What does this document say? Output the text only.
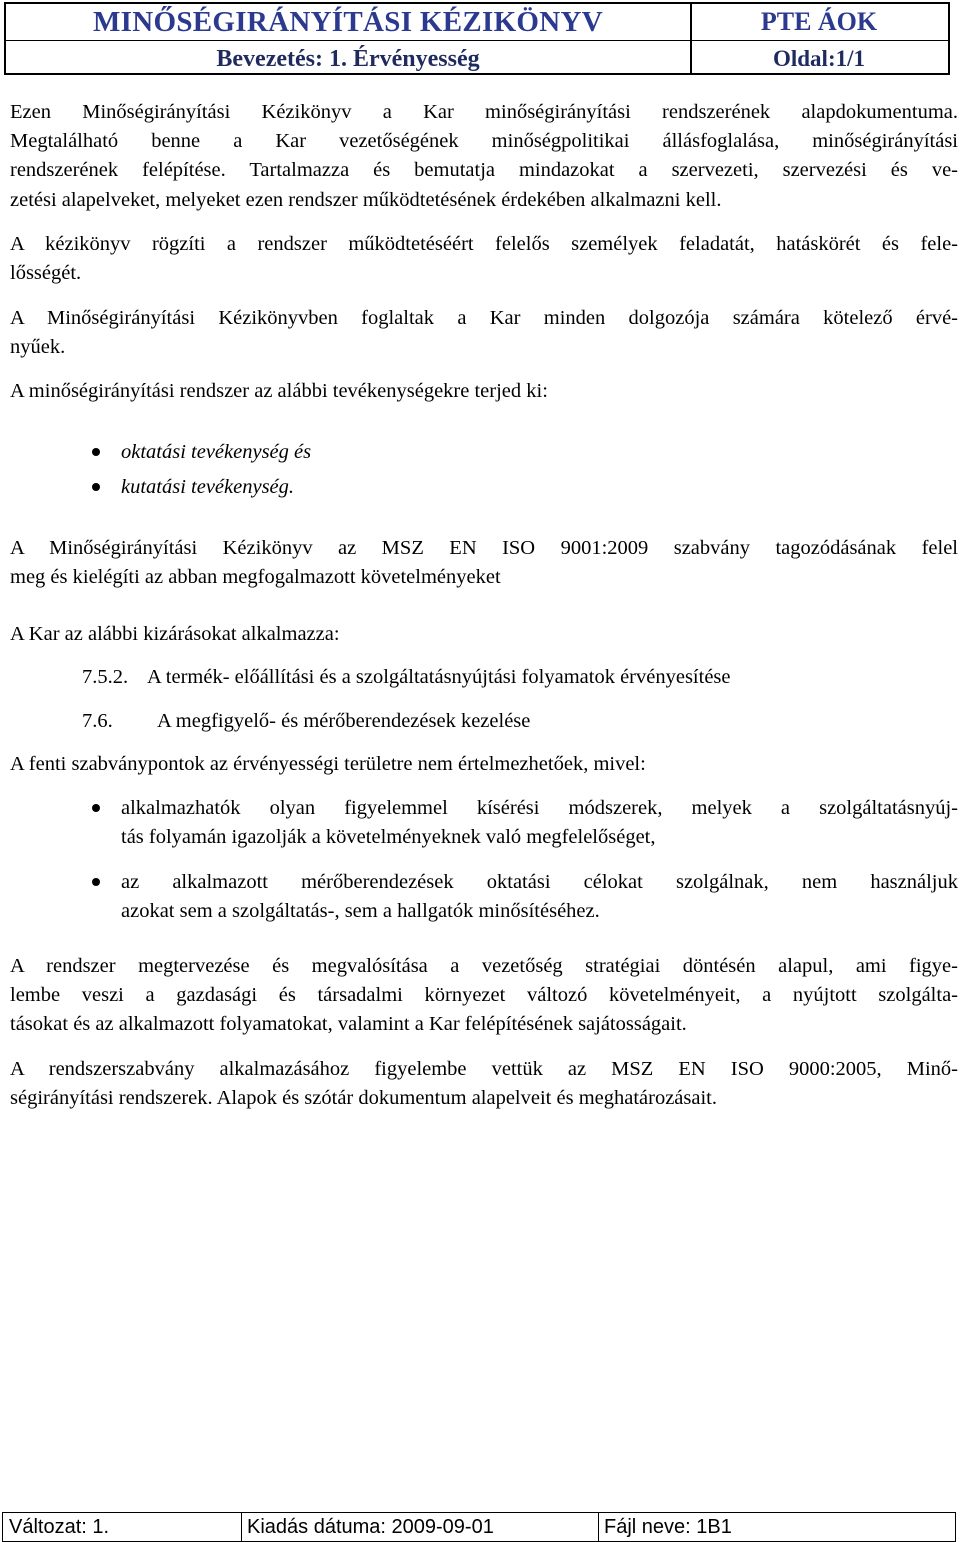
MINŐSÉGIRÁNYÍTÁSI KÉZIKÖNYV	PTE ÁOK
Bevezetés: 1. Érvényesség	Oldal:1/1
Ezen Minőségirányítási Kézikönyv a Kar minőségirányítási rendszerének alapdokumentuma.
Megtalálható benne a Kar vezetőségének minőségpolitikai állásfoglalása, minőségirányítási
rendszerének felépítése. Tartalmazza és bemutatja mindazokat a szervezeti, szervezési és ve-
zetési alapelveket, melyeket ezen rendszer működtetésének érdekében alkalmazni kell.
A kézikönyv rögzíti a rendszer működtetéséért felelős személyek feladatát, hatáskörét és fele-
lősségét.
A Minőségirányítási Kézikönyvben foglaltak a Kar minden dolgozója számára kötelező érvé-
nyűek.
A minőségirányítási rendszer az alábbi tevékenységekre terjed ki:
oktatási tevékenység és
kutatási tevékenység.
A Minőségirányítási Kézikönyv az MSZ EN ISO 9001:2009 szabvány tagozódásának felel
meg és kielégíti az abban megfogalmazott követelményeket
A Kar az alábbi kizárásokat alkalmazza:
7.5.2. A termék- előállítási és a szolgáltatásnyújtási folyamatok érvényesítése
7.6. A megfigyelő- és mérőberendezések kezelése
A fenti szabványpontok az érvényességi területre nem értelmezhetőek, mivel:
alkalmazhatók olyan figyelemmel kísérési módszerek, melyek a szolgáltatásnyúj-
tás folyamán igazolják a követelményeknek való megfelelőséget,
az alkalmazott mérőberendezések oktatási célokat szolgálnak, nem használjuk
azokat sem a szolgáltatás-, sem a hallgatók minősítéséhez.
A rendszer megtervezése és megvalósítása a vezetőség stratégiai döntésén alapul, ami figye-
lembe veszi a gazdasági és társadalmi környezet változó követelményeit, a nyújtott szolgálta-
tásokat és az alkalmazott folyamatokat, valamint a Kar felépítésének sajátosságait.
A rendszerszabvány alkalmazásához figyelembe vettük az MSZ EN ISO 9000:2005, Minő-
ségirányítási rendszerek. Alapok és szótár dokumentum alapelveit és meghatározásait.
Változat: 1.	Kiadás dátuma: 2009-09-01	Fájl neve: 1B1
